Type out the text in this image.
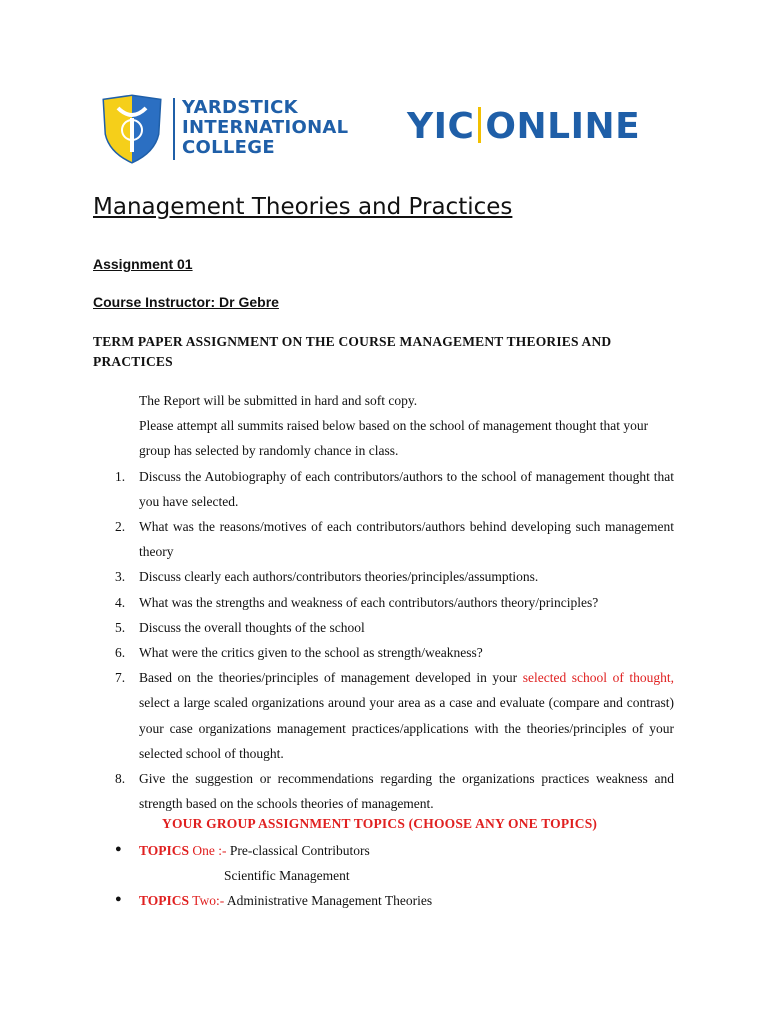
YARDSTICK
INTERNATIONAL
COLLEGE
YIC ONLINE
Management Theories and Practices
Assignment 01
Course Instructor: Dr Gebre
TERM PAPER ASSIGNMENT ON THE COURSE MANAGEMENT THEORIES AND PRACTICES
The Report will be submitted in hard and soft copy.
Please attempt all summits raised below based on the school of management thought that your group has selected by randomly chance in class.
1. Discuss the Autobiography of each contributors/authors to the school of management thought that you have selected.
2. What was the reasons/motives of each contributors/authors behind developing such management theory
3. Discuss clearly each authors/contributors theories/principles/assumptions.
4. What was the strengths and weakness of each contributors/authors theory/principles?
5. Discuss the overall thoughts of the school
6. What were the critics given to the school as strength/weakness?
7. Based on the theories/principles of management developed in your selected school of thought, select a large scaled organizations around your area as a case and evaluate (compare and contrast) your case organizations management practices/applications with the theories/principles of your selected school of thought.
8. Give the suggestion or recommendations regarding the organizations practices weakness and strength based on the schools theories of management.
YOUR GROUP ASSIGNMENT TOPICS (CHOOSE ANY ONE TOPICS)
● TOPICS One :- Pre-classical Contributors
Scientific Management
● TOPICS Two:- Administrative Management Theories
